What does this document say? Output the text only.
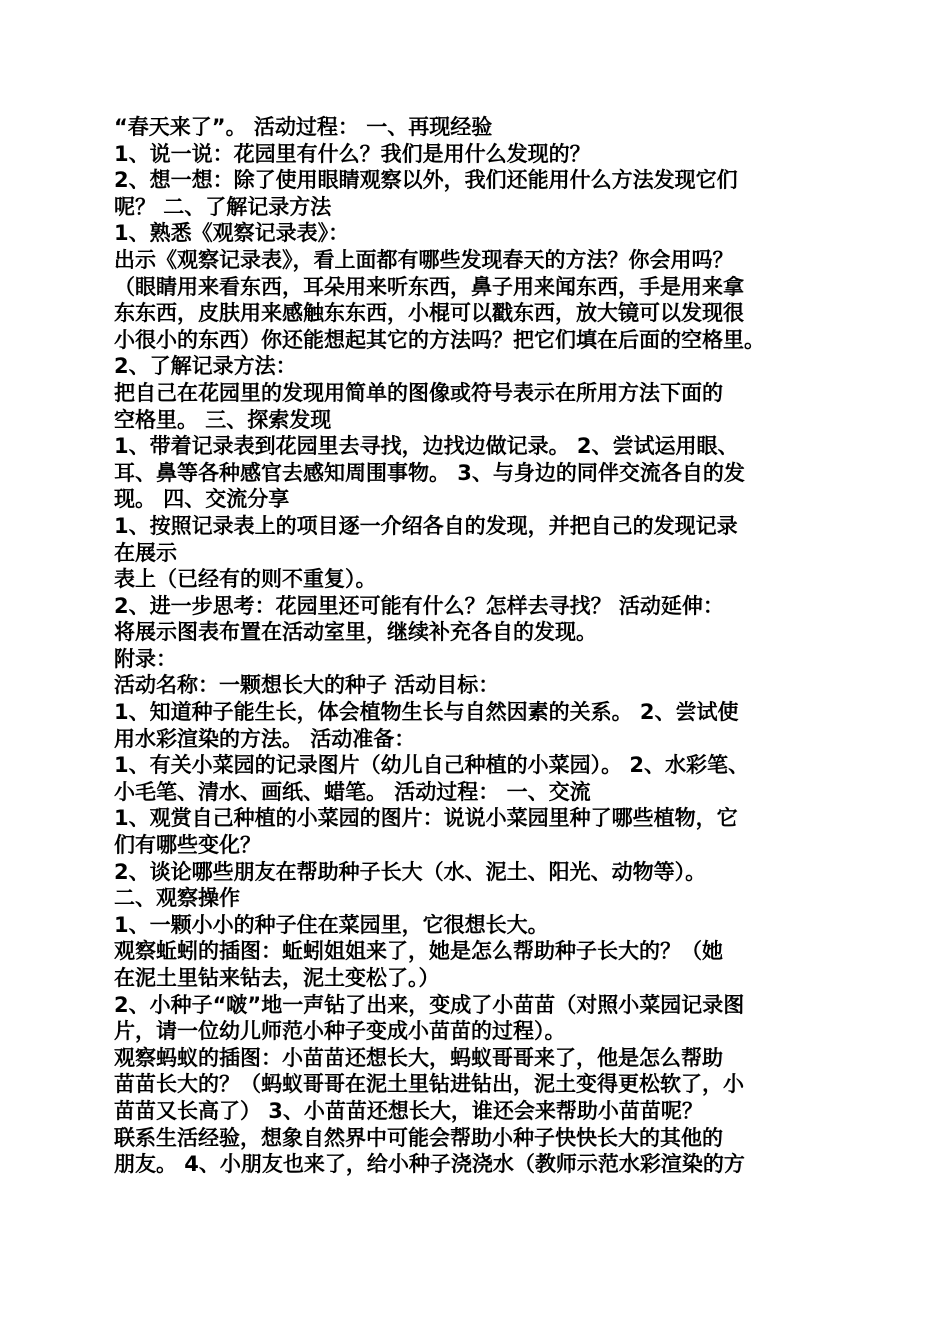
“春天来了”。 活动过程： 一、再现经验
1、说一说：花园里有什么？我们是用什么发现的？
2、想一想：除了使用眼睛观察以外，我们还能用什么方法发现它们
呢？ 二、了解记录方法
1、熟悉《观察记录表》：
出示《观察记录表》，看上面都有哪些发现春天的方法？你会用吗？
（眼睛用来看东西，耳朵用来听东西，鼻子用来闻东西，手是用来拿
东东西，皮肤用来感触东东西，小棍可以戳东西，放大镜可以发现很
小很小的东西）你还能想起其它的方法吗？把它们填在后面的空格里。
2、了解记录方法：
把自己在花园里的发现用简单的图像或符号表示在所用方法下面的
空格里。 三、探索发现
1、带着记录表到花园里去寻找，边找边做记录。 2、尝试运用眼、
耳、鼻等各种感官去感知周围事物。 3、与身边的同伴交流各自的发
现。 四、交流分享
1、按照记录表上的项目逐一介绍各自的发现，并把自己的发现记录
在展示
表上（已经有的则不重复）。
2、进一步思考：花园里还可能有什么？怎样去寻找？ 活动延伸：
将展示图表布置在活动室里，继续补充各自的发现。
附录：
活动名称：一颗想长大的种子 活动目标：
1、知道种子能生长，体会植物生长与自然因素的关系。 2、尝试使
用水彩渲染的方法。 活动准备：
1、有关小菜园的记录图片（幼儿自己种植的小菜园）。 2、水彩笔、
小毛笔、清水、画纸、蜡笔。 活动过程： 一、交流
1、观赏自己种植的小菜园的图片：说说小菜园里种了哪些植物，它
们有哪些变化？
2、谈论哪些朋友在帮助种子长大（水、泥土、阳光、动物等）。
二、观察操作
1、一颗小小的种子住在菜园里，它很想长大。
观察蚯蚓的插图：蚯蚓姐姐来了，她是怎么帮助种子长大的？（她
在泥土里钻来钻去，泥土变松了。）
2、小种子“啵”地一声钻了出来，变成了小苗苗（对照小菜园记录图
片，请一位幼儿师范小种子变成小苗苗的过程）。
观察蚂蚁的插图：小苗苗还想长大，蚂蚁哥哥来了，他是怎么帮助
苗苗长大的？（蚂蚁哥哥在泥土里钻进钻出，泥土变得更松软了，小
苗苗又长高了） 3、小苗苗还想长大，谁还会来帮助小苗苗呢？
联系生活经验，想象自然界中可能会帮助小种子快快长大的其他的
朋友。 4、小朋友也来了，给小种子浇浇水（教师示范水彩渲染的方
